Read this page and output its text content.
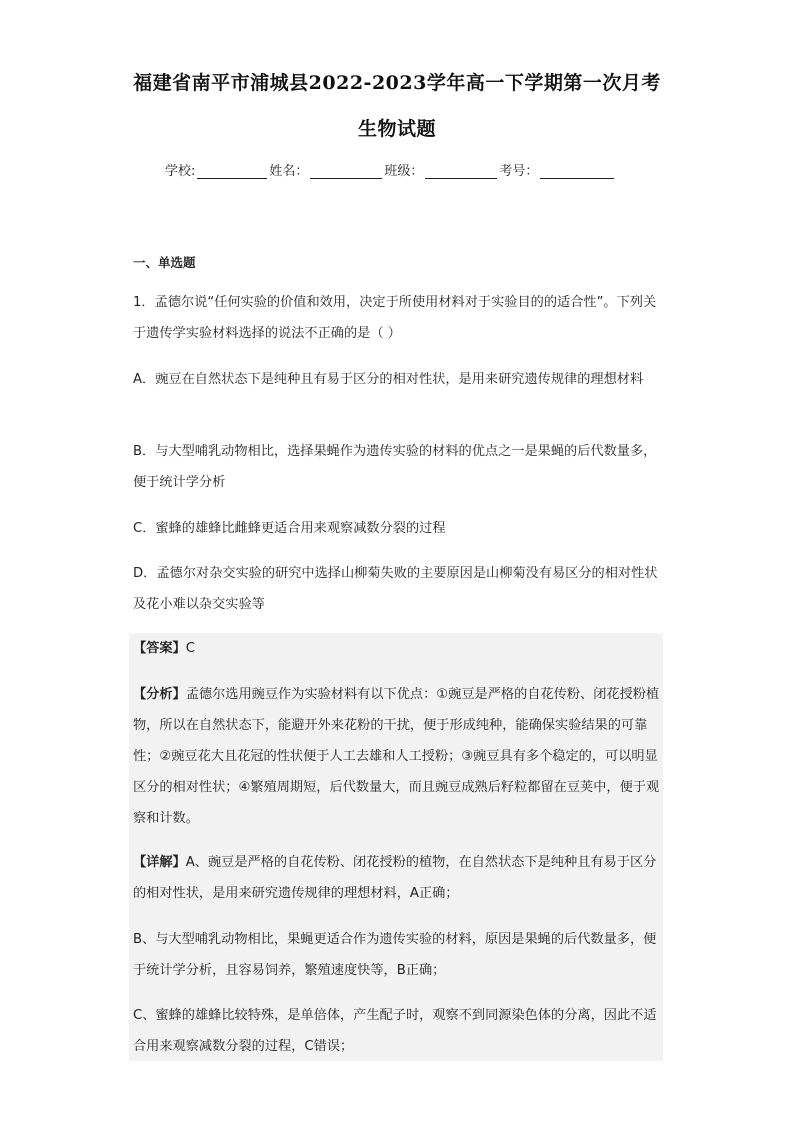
福建省南平市浦城县2022-2023学年高一下学期第一次月考
生物试题
学校:	姓名：	班级：	考号：
一、单选题
1．孟德尔说“任何实验的价值和效用，决定于所使用材料对于实验目的的适合性”。下列关于遗传学实验材料选择的说法不正确的是（ ）
A．豌豆在自然状态下是纯种且有易于区分的相对性状，是用来研究遗传规律的理想材料
B．与大型哺乳动物相比，选择果蝇作为遗传实验的材料的优点之一是果蝇的后代数量多，便于统计学分析
C．蜜蜂的雄蜂比雌蜂更适合用来观察减数分裂的过程
D．孟德尔对杂交实验的研究中选择山柳菊失败的主要原因是山柳菊没有易区分的相对性状及花小难以杂交实验等
【答案】C
【分析】孟德尔选用豌豆作为实验材料有以下优点：①豌豆是严格的自花传粉、闭花授粉植物，所以在自然状态下，能避开外来花粉的干扰，便于形成纯种，能确保实验结果的可靠性；②豌豆花大且花冠的性状便于人工去雄和人工授粉；③豌豆具有多个稳定的，可以明显区分的相对性状；④繁殖周期短，后代数量大，而且豌豆成熟后籽粒都留在豆荚中，便于观察和计数。
【详解】A、豌豆是严格的自花传粉、闭花授粉的植物，在自然状态下是纯种且有易于区分的相对性状，是用来研究遗传规律的理想材料，A正确；
B、与大型哺乳动物相比，果蝇更适合作为遗传实验的材料，原因是果蝇的后代数量多，便于统计学分析，且容易饲养，繁殖速度快等，B正确；
C、蜜蜂的雄蜂比较特殊，是单倍体，产生配子时，观察不到同源染色体的分离，因此不适合用来观察减数分裂的过程，C错误；
